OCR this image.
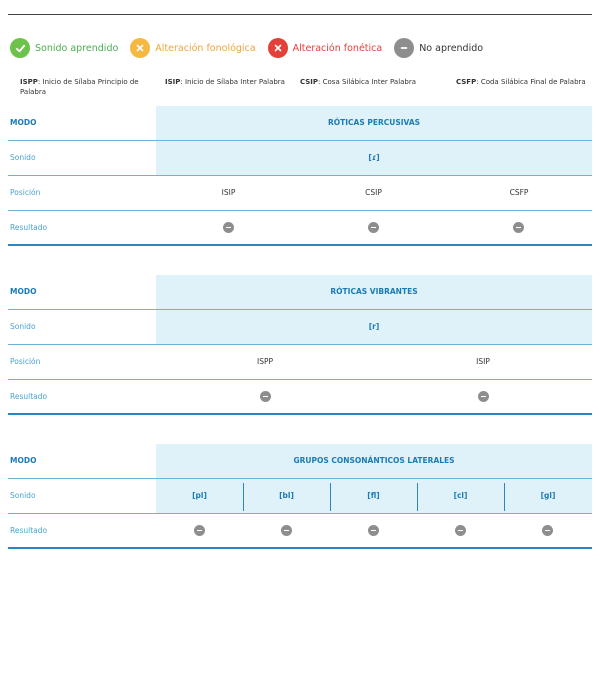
Sonido aprendido	Alteración fonológica	Alteración fonética	No aprendido
ISPP: Inicio de Sílaba Principio de Palabra
ISIP: Inicio de Sílaba Inter Palabra CSIP: Cosa Silábica Inter Palabra	CSFP: Coda Silábica Final de Palabra
MODO	RÓTICAS PERCUSIVAS
Sonido	[ɾ]
Posición	ISIP	CSIP	CSFP
Resultado
MODO	RÓTICAS VIBRANTES
Sonido	[r]
Posición	ISPP	ISIP
Resultado
MODO	GRUPOS CONSONÁNTICOS LATERALES
Sonido	[pl]	[bl]	[fl]	[cl]	[gl]
Resultado
